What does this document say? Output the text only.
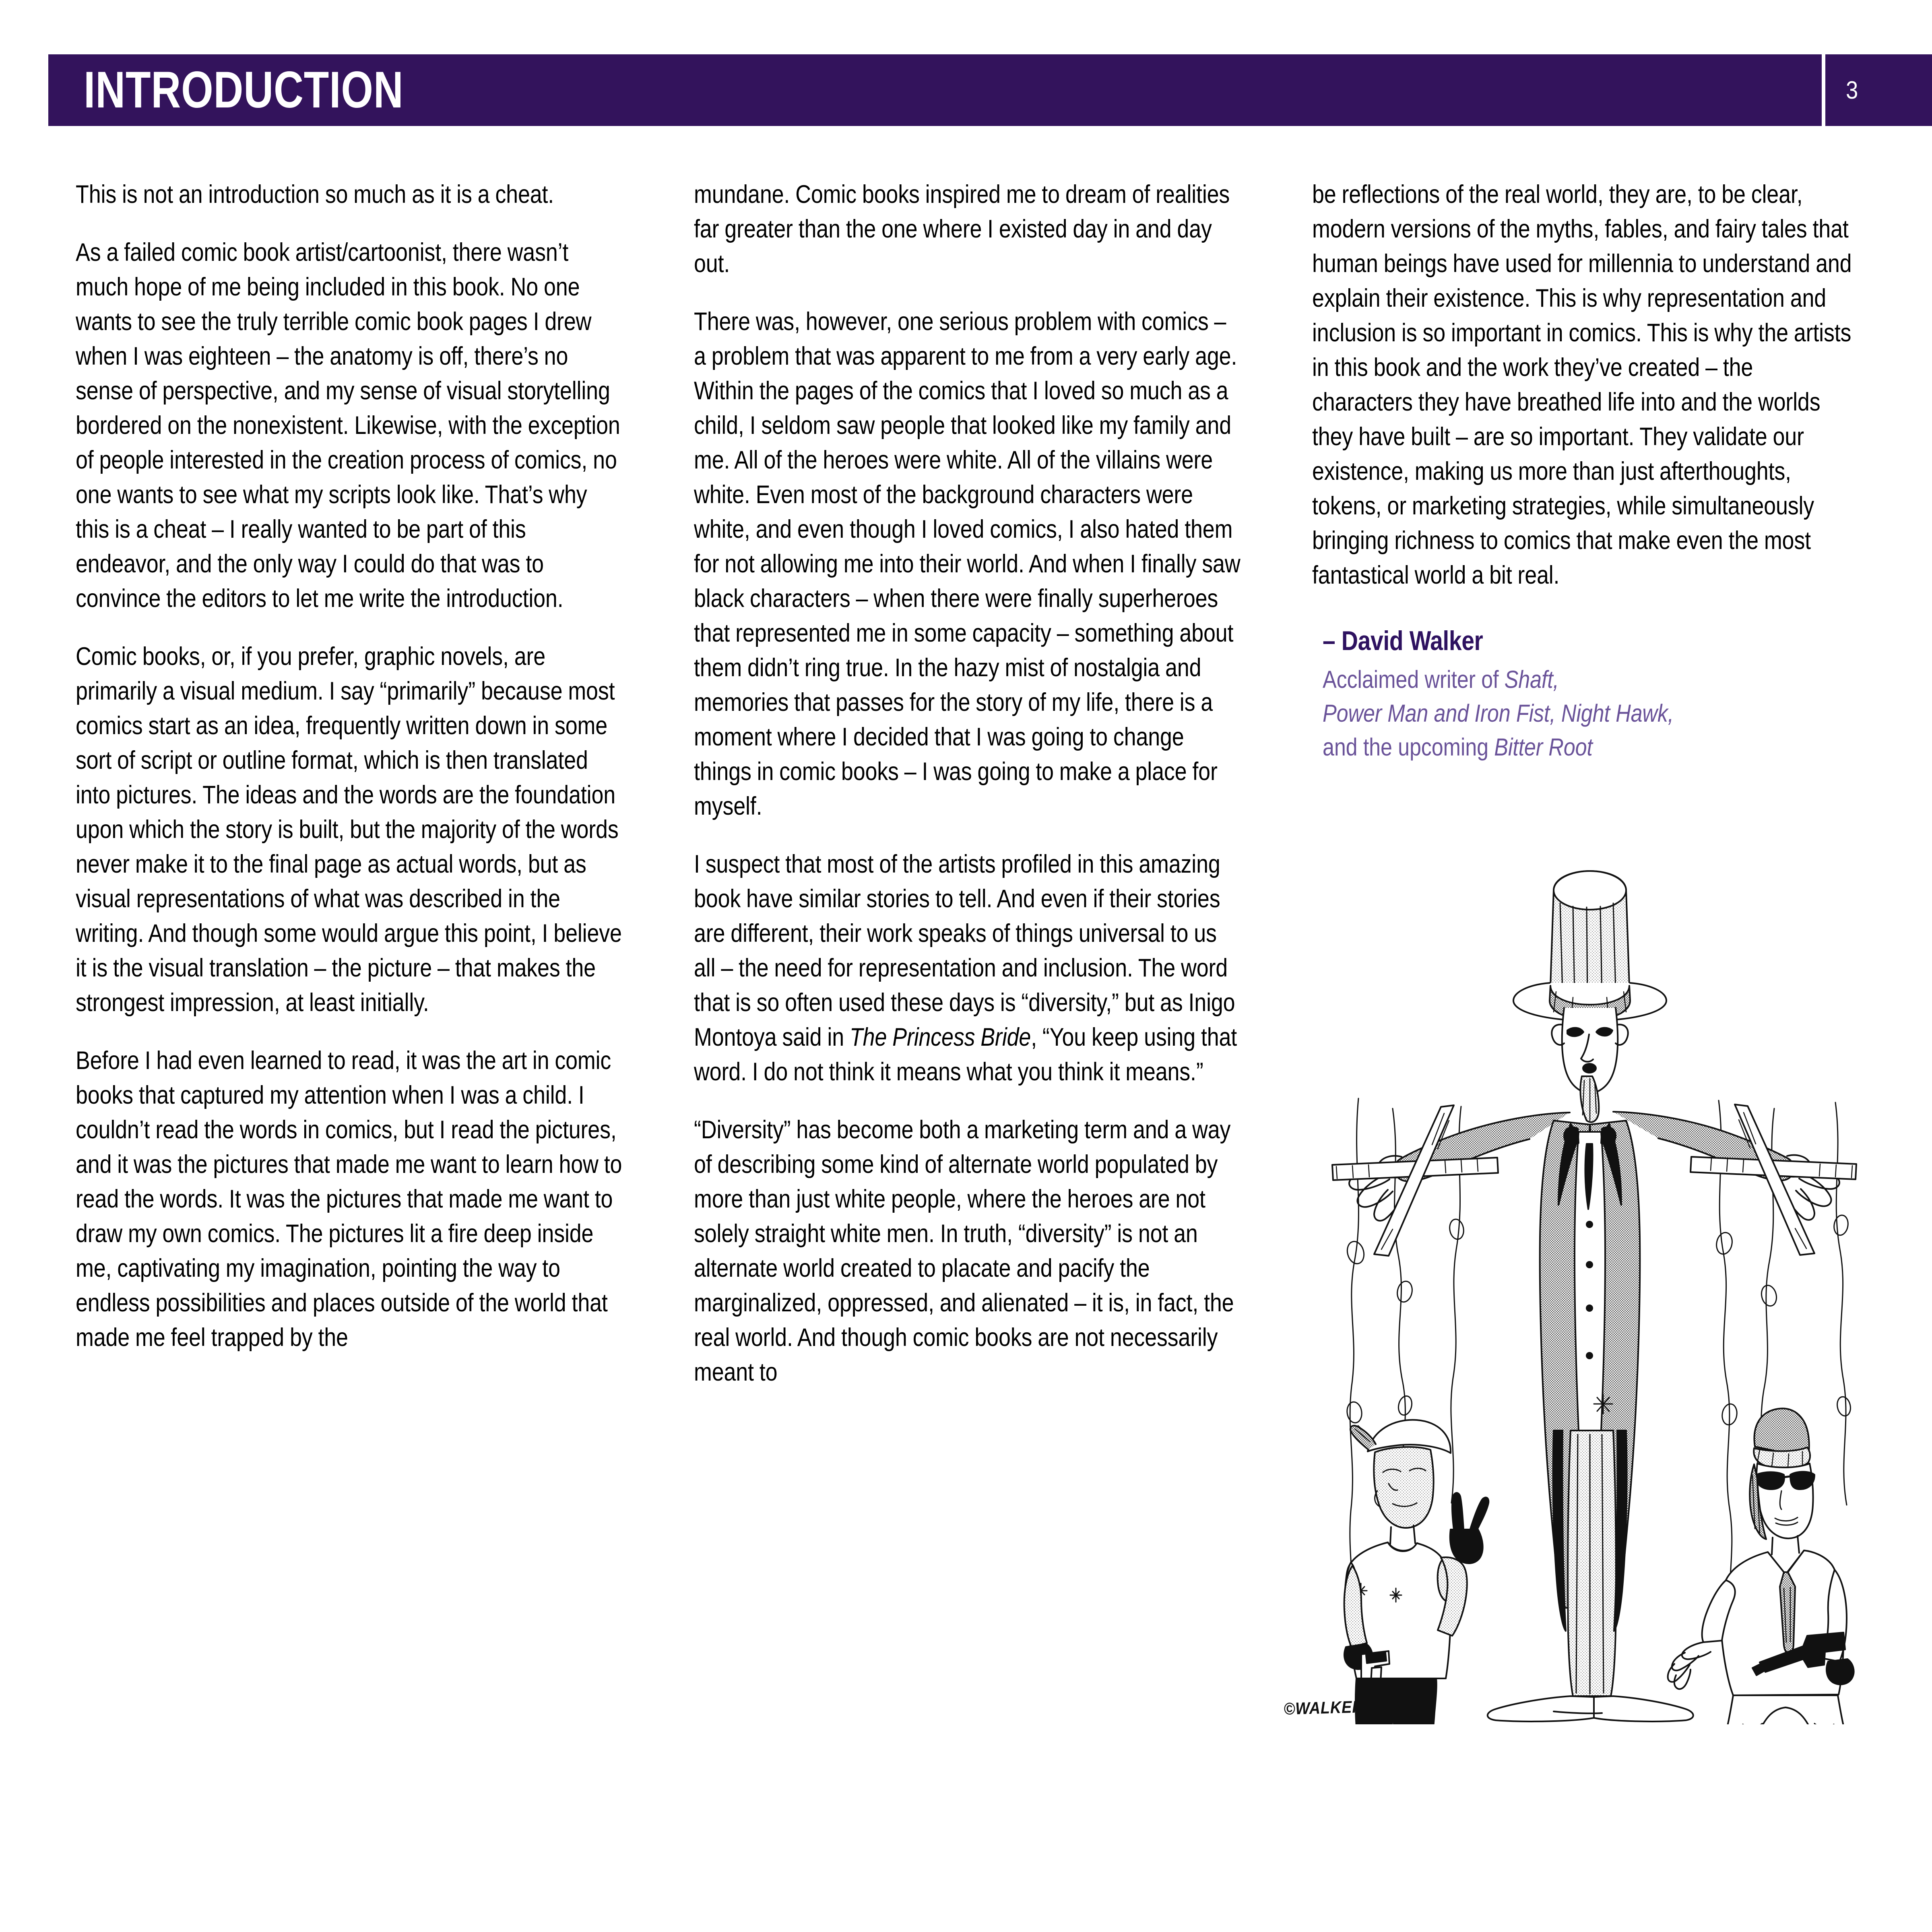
INTRODUCTION	3

This is not an introduction so much as it is a cheat.

As a failed comic book artist/cartoonist, there wasn’t much hope of me being included in this book. No one wants to see the truly terrible comic book pages I drew when I was eighteen – the anatomy is off, there’s no sense of perspective, and my sense of visual storytelling bordered on the nonexistent. Likewise, with the exception of people interested in the creation process of comics, no one wants to see what my scripts look like. That’s why this is a cheat – I really wanted to be part of this endeavor, and the only way I could do that was to convince the editors to let me write the introduction.

Comic books, or, if you prefer, graphic novels, are primarily a visual medium. I say “primarily” because most comics start as an idea, frequently written down in some sort of script or outline format, which is then translated into pictures. The ideas and the words are the foundation upon which the story is built, but the majority of the words never make it to the final page as actual words, but as visual representations of what was described in the writing. And though some would argue this point, I believe it is the visual translation – the picture – that makes the strongest impression, at least initially.

Before I had even learned to read, it was the art in comic books that captured my attention when I was a child. I couldn’t read the words in comics, but I read the pictures, and it was the pictures that made me want to learn how to read the words. It was the pictures that made me want to draw my own comics. The pictures lit a fire deep inside me, captivating my imagination, pointing the way to endless possibilities and places outside of the world that made me feel trapped by the

mundane. Comic books inspired me to dream of realities far greater than the one where I existed day in and day out.

There was, however, one serious problem with comics – a problem that was apparent to me from a very early age. Within the pages of the comics that I loved so much as a child, I seldom saw people that looked like my family and me. All of the heroes were white. All of the villains were white. Even most of the background characters were white, and even though I loved comics, I also hated them for not allowing me into their world. And when I finally saw black characters – when there were finally superheroes that represented me in some capacity – something about them didn’t ring true. In the hazy mist of nostalgia and memories that passes for the story of my life, there is a moment where I decided that I was going to change things in comic books – I was going to make a place for myself.

I suspect that most of the artists profiled in this amazing book have similar stories to tell. And even if their stories are different, their work speaks of things universal to us all – the need for representation and inclusion. The word that is so often used these days is “diversity,” but as Inigo Montoya said in The Princess Bride, “You keep using that word. I do not think it means what you think it means.”

“Diversity” has become both a marketing term and a way of describing some kind of alternate world populated by more than just white people, where the heroes are not solely straight white men. In truth, “diversity” is not an alternate world created to placate and pacify the marginalized, oppressed, and alienated – it is, in fact, the real world. And though comic books are not necessarily meant to

be reflections of the real world, they are, to be clear, modern versions of the myths, fables, and fairy tales that human beings have used for millennia to understand and explain their existence. This is why representation and inclusion is so important in comics. This is why the artists in this book and the work they’ve created – the characters they have breathed life into and the worlds they have built – are so important. They validate our existence, making us more than just afterthoughts, tokens, or marketing strategies, while simultaneously bringing richness to comics that make even the most fantastical world a bit real.

– David Walker
Acclaimed writer of Shaft,
Power Man and Iron Fist, Night Hawk,
and the upcoming Bitter Root
©WALKER 90
